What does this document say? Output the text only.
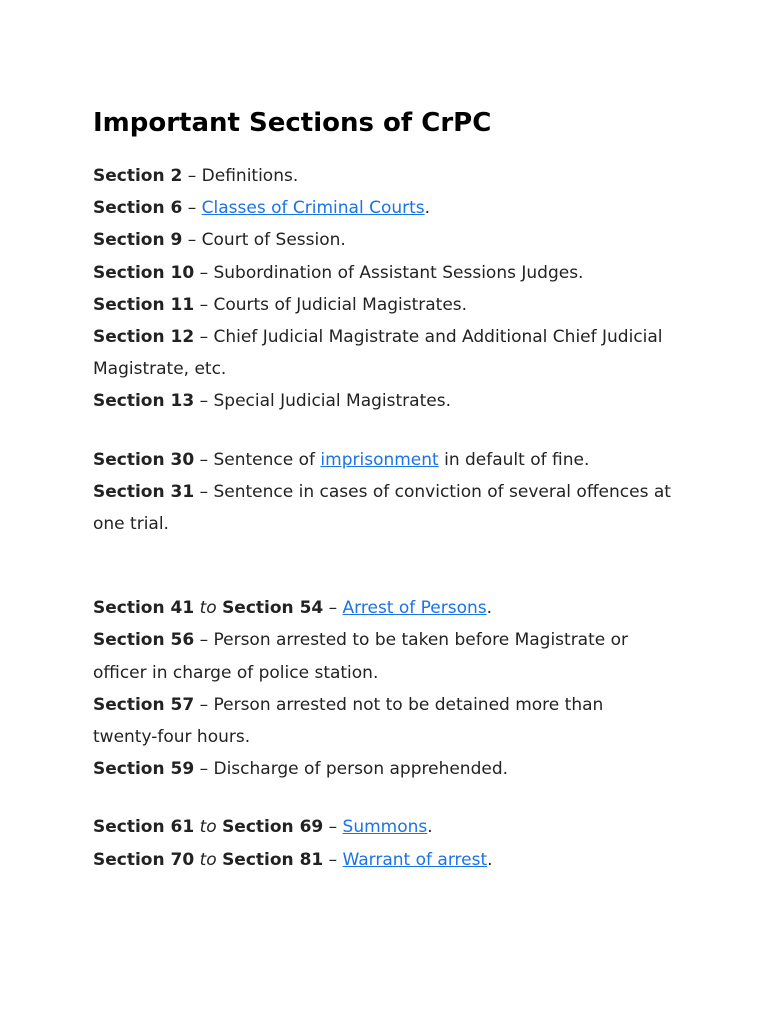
Important Sections of CrPC

Section 2 – Definitions.

Section 6 – Classes of Criminal Courts.

Section 9 – Court of Session.

Section 10 – Subordination of Assistant Sessions Judges.

Section 11 – Courts of Judicial Magistrates.

Section 12 – Chief Judicial Magistrate and Additional Chief Judicial Magistrate, etc.

Section 13 – Special Judicial Magistrates.

Section 30 – Sentence of imprisonment in default of fine.

Section 31 – Sentence in cases of conviction of several offences at one trial.

Section 41 to Section 54 – Arrest of Persons.

Section 56 – Person arrested to be taken before Magistrate or officer in charge of police station.

Section 57 – Person arrested not to be detained more than twenty-four hours.

Section 59 – Discharge of person apprehended.

Section 61 to Section 69 – Summons.

Section 70 to Section 81 – Warrant of arrest.
